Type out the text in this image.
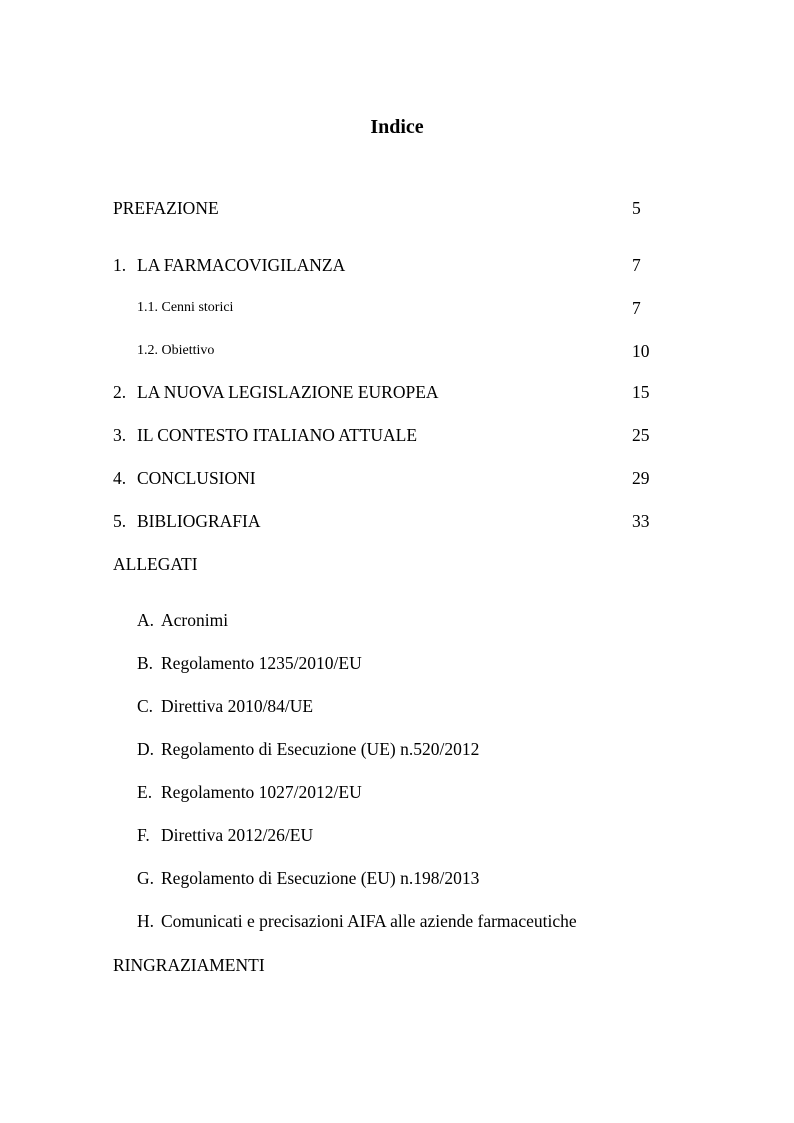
Indice
PREFAZIONE	5
1. LA FARMACOVIGILANZA	7
1.1. Cenni storici	7
1.2. Obiettivo	10
2. LA NUOVA LEGISLAZIONE EUROPEA	15
3. IL CONTESTO ITALIANO ATTUALE	25
4. CONCLUSIONI	29
5. BIBLIOGRAFIA	33
ALLEGATI
A. Acronimi
B. Regolamento 1235/2010/EU
C. Direttiva 2010/84/UE
D. Regolamento di Esecuzione (UE) n.520/2012
E. Regolamento 1027/2012/EU
F. Direttiva 2012/26/EU
G. Regolamento di Esecuzione (EU) n.198/2013
H. Comunicati e precisazioni AIFA alle aziende farmaceutiche
RINGRAZIAMENTI
